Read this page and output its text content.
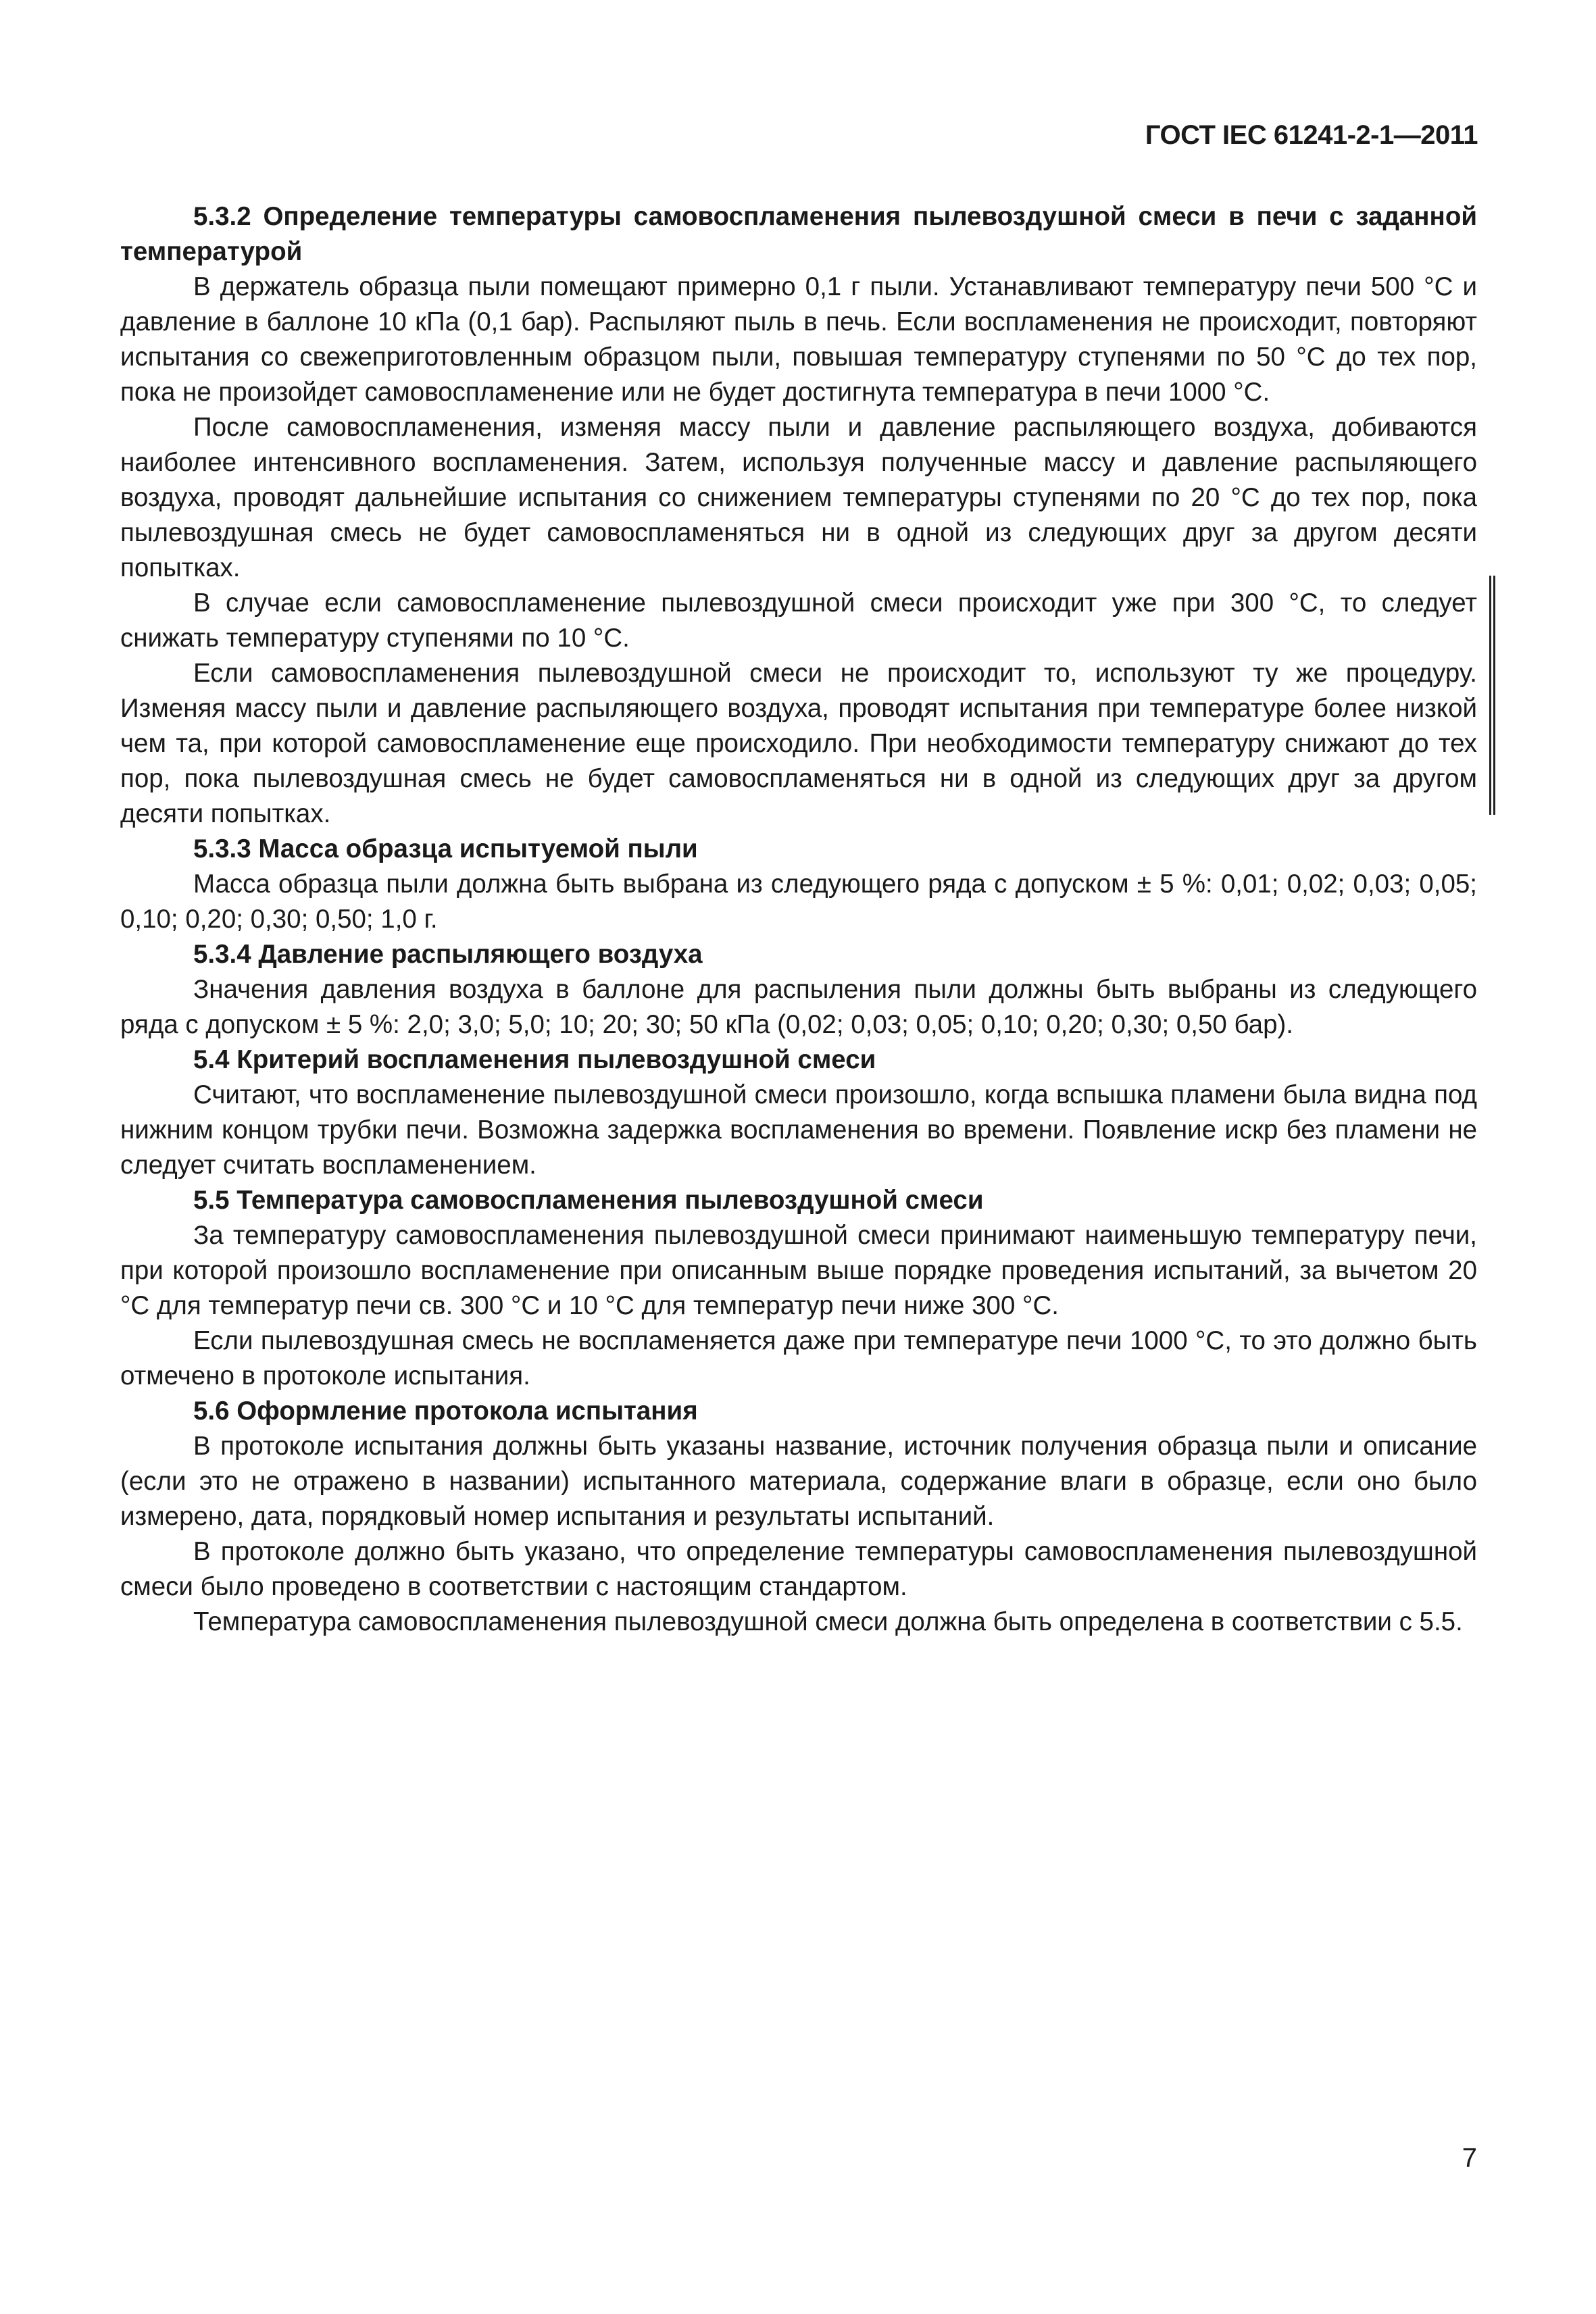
ГОСТ IEC 61241-2-1—2011

5.3.2 Определение температуры самовоспламенения пылевоздушной смеси в печи с заданной температурой

В держатель образца пыли помещают примерно 0,1 г пыли. Устанавливают температуру печи 500 °С и давление в баллоне 10 кПа (0,1 бар). Распыляют пыль в печь. Если воспламенения не происходит, повторяют испытания со свежеприготовленным образцом пыли, повышая температуру ступенями по 50 °С до тех пор, пока не произойдет самовоспламенение или не будет достигнута температура в печи 1000 °С.

После самовоспламенения, изменяя массу пыли и давление распыляющего воздуха, добиваются наиболее интенсивного воспламенения. Затем, используя полученные массу и давление распыляющего воздуха, проводят дальнейшие испытания со снижением температуры ступенями по 20 °С до тех пор, пока пылевоздушная смесь не будет самовоспламеняться ни в одной из следующих друг за другом десяти попытках.

В случае если самовоспламенение пылевоздушной смеси происходит уже при 300 °С, то следует снижать температуру ступенями по 10 °С.

Если самовоспламенения пылевоздушной смеси не происходит то, используют ту же процедуру. Изменяя массу пыли и давление распыляющего воздуха, проводят испытания при температуре более низкой чем та, при которой самовоспламенение еще происходило. При необходимости температуру снижают до тех пор, пока пылевоздушная смесь не будет самовоспламеняться ни в одной из следующих друг за другом десяти попытках.

5.3.3 Масса образца испытуемой пыли

Масса образца пыли должна быть выбрана из следующего ряда с допуском ± 5 %: 0,01; 0,02; 0,03; 0,05; 0,10; 0,20; 0,30; 0,50; 1,0 г.

5.3.4 Давление распыляющего воздуха

Значения давления воздуха в баллоне для распыления пыли должны быть выбраны из следующего ряда с допуском ± 5 %: 2,0; 3,0; 5,0; 10; 20; 30; 50 кПа (0,02; 0,03; 0,05; 0,10; 0,20; 0,30; 0,50 бар).

5.4 Критерий воспламенения пылевоздушной смеси

Считают, что воспламенение пылевоздушной смеси произошло, когда вспышка пламени была видна под нижним концом трубки печи. Возможна задержка воспламенения во времени. Появление искр без пламени не следует считать воспламенением.

5.5 Температура самовоспламенения пылевоздушной смеси

За температуру самовоспламенения пылевоздушной смеси принимают наименьшую температуру печи, при которой произошло воспламенение при описанным выше порядке проведения испытаний, за вычетом 20 °С для температур печи св. 300 °С и 10 °С для температур печи ниже 300 °С.

Если пылевоздушная смесь не воспламеняется даже при температуре печи 1000 °С, то это должно быть отмечено в протоколе испытания.

5.6 Оформление протокола испытания

В протоколе испытания должны быть указаны название, источник получения образца пыли и описание (если это не отражено в названии) испытанного материала, содержание влаги в образце, если оно было измерено, дата, порядковый номер испытания и результаты испытаний.

В протоколе должно быть указано, что определение температуры самовоспламенения пылевоздушной смеси было проведено в соответствии с настоящим стандартом.

Температура самовоспламенения пылевоздушной смеси должна быть определена в соответствии с 5.5.

7
